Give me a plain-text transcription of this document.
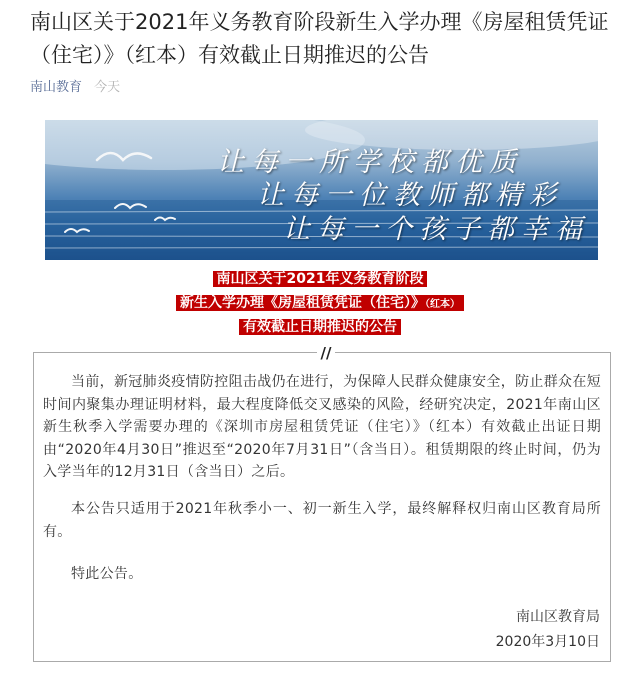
南山区关于2021年义务教育阶段新生入学办理《房屋租赁凭证（住宅）》（红本）有效截止日期推迟的公告
南山教育 今天
让每一所学校都优质
让每一位教师都精彩
让每一个孩子都幸福
南山区关于2021年义务教育阶段
新生入学办理《房屋租赁凭证（住宅）》（红本）
有效截止日期推迟的公告
//

当前，新冠肺炎疫情防控阻击战仍在进行，为保障人民群众健康安全，防止群众在短时间内聚集办理证明材料，最大程度降低交叉感染的风险，经研究决定，2021年南山区新生秋季入学需要办理的《深圳市房屋租赁凭证（住宅）》（红本）有效截止出证日期由“2020年4月30日”推迟至“2020年7月31日”（含当日）。租赁期限的终止时间，仍为入学当年的12月31日（含当日）之后。

本公告只适用于2021年秋季小一、初一新生入学，最终解释权归南山区教育局所有。

特此公告。

南山区教育局
2020年3月10日
